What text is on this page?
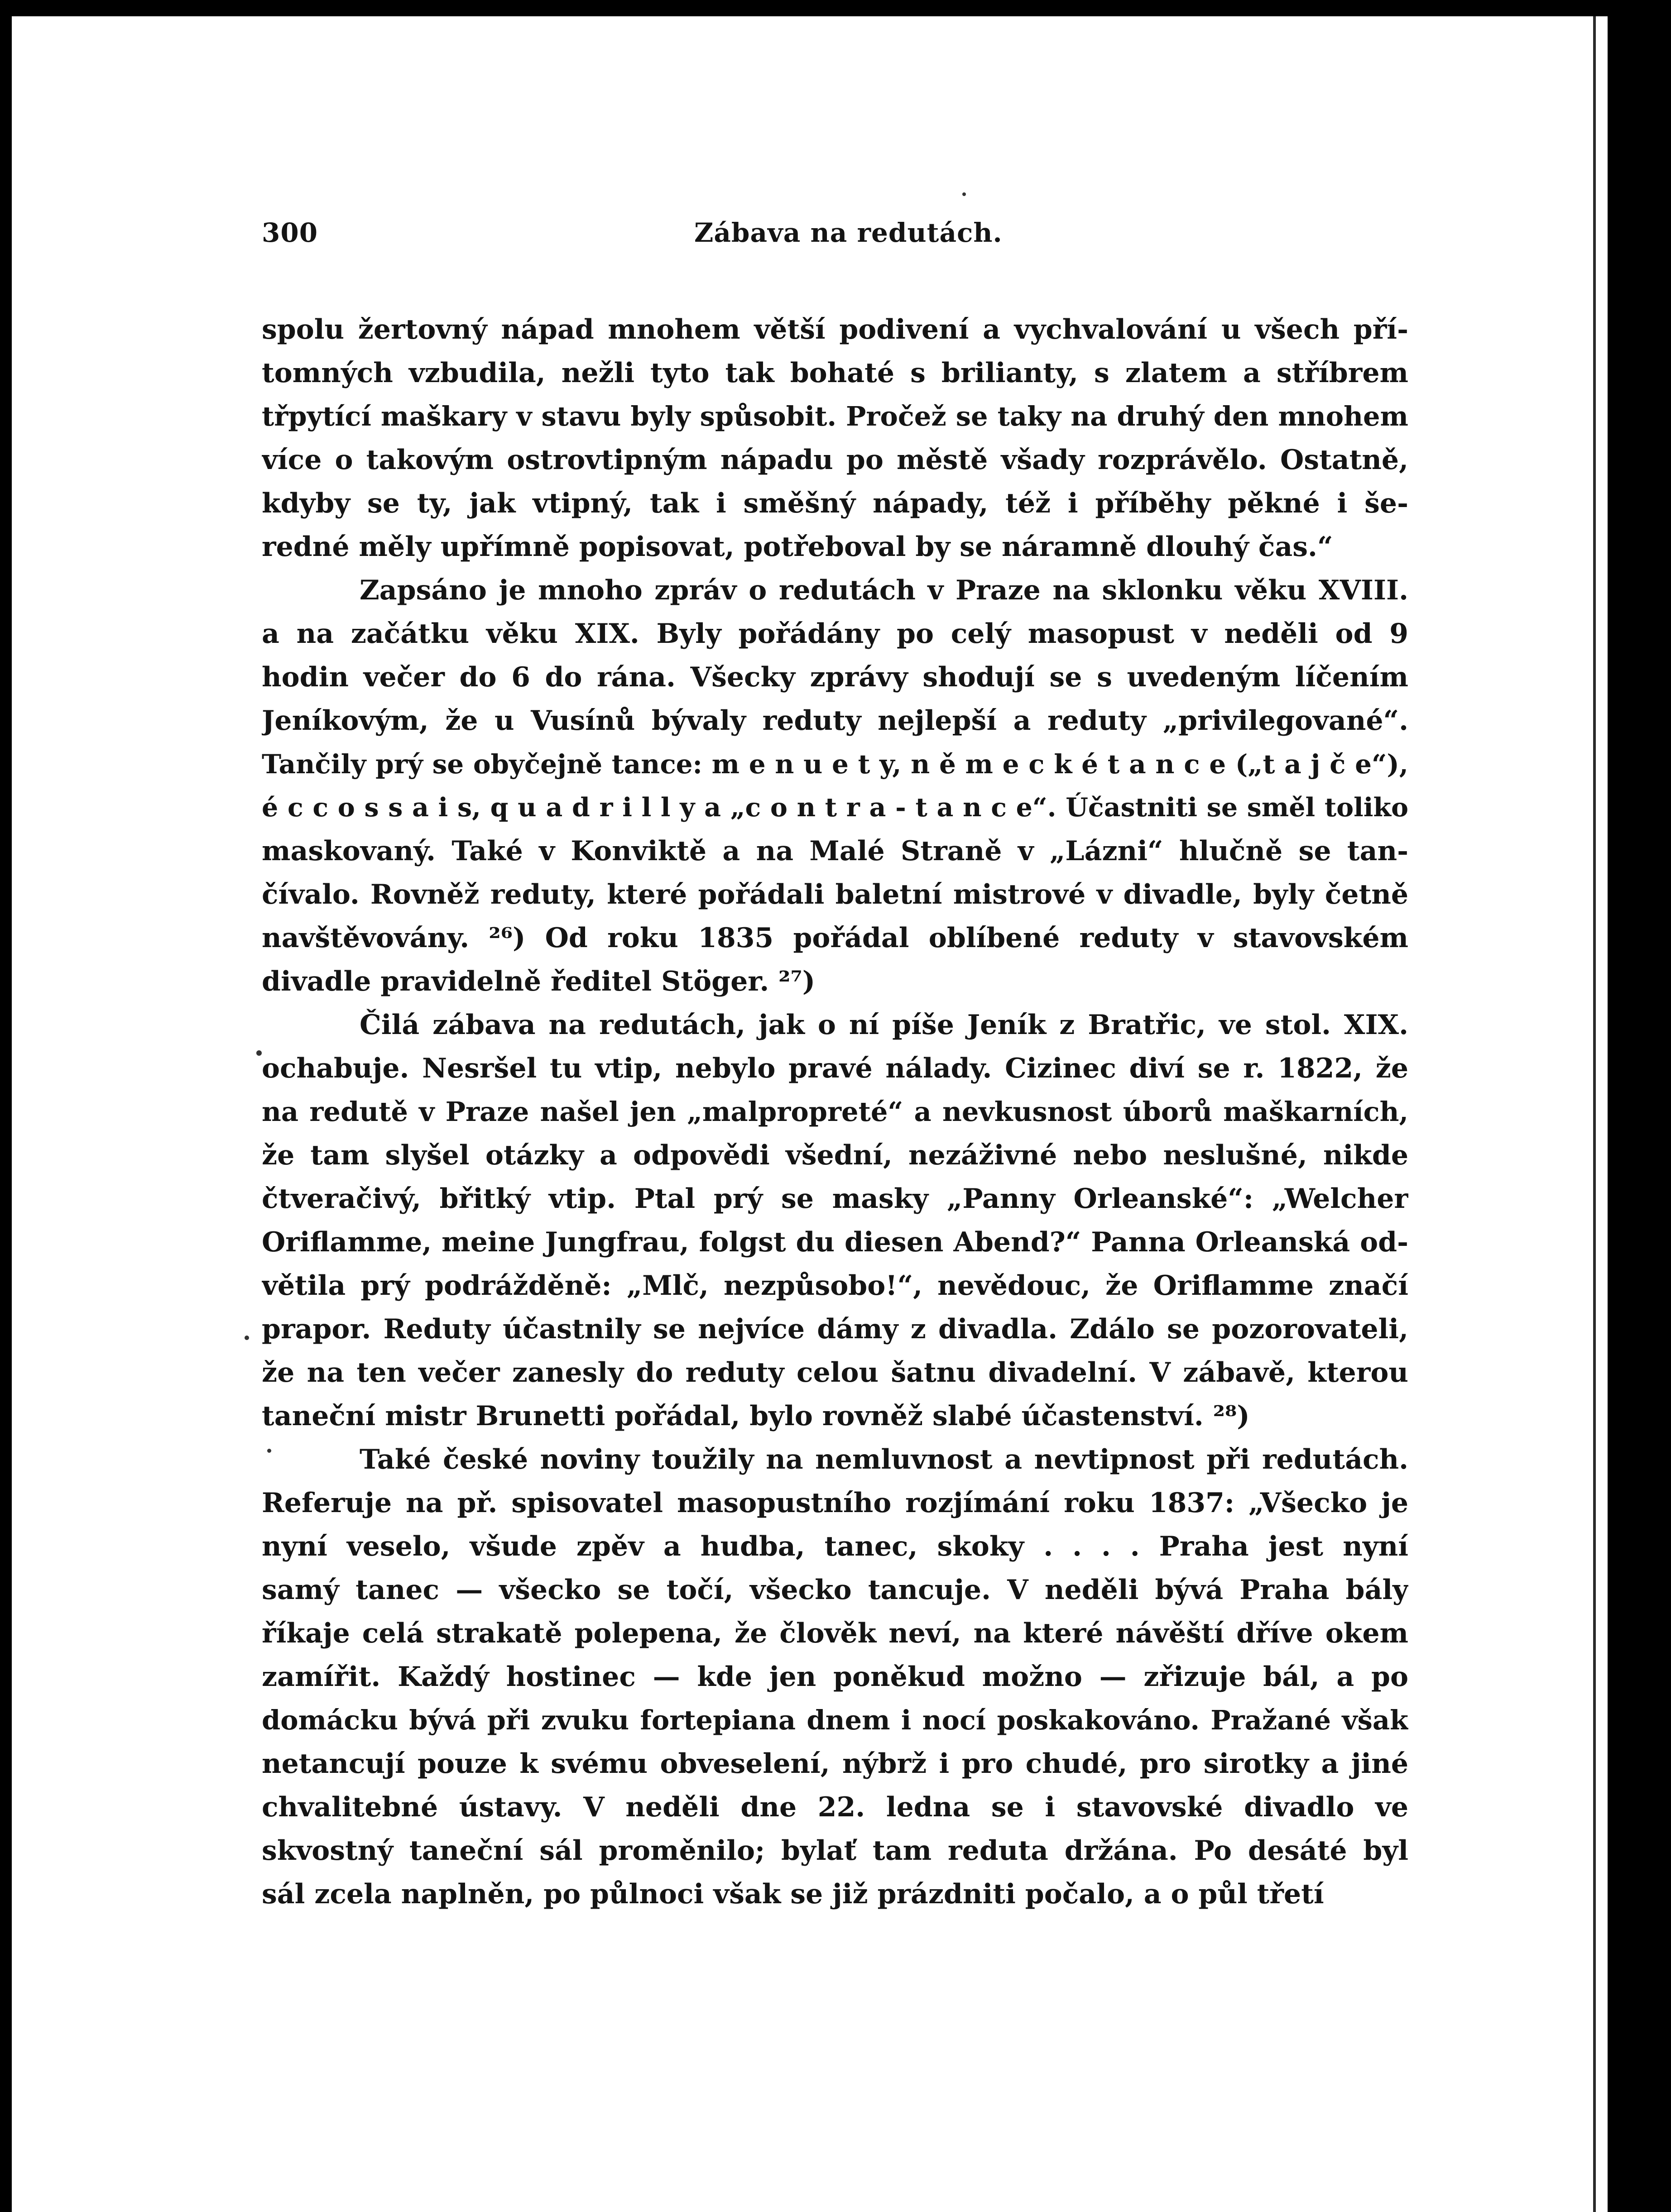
300	Zábava na redutách.
spolu žertovný nápad mnohem větší podivení a vychvalování u všech pří-
tomných vzbudila, nežli tyto tak bohaté s brilianty, s zlatem a stříbrem
třpytící maškary v stavu byly spůsobit. Pročež se taky na druhý den mnohem
více o takovým ostrovtipným nápadu po městě všady rozprávělo. Ostatně,
kdyby se ty, jak vtipný, tak i směšný nápady, též i příběhy pěkné i še-
redné měly upřímně popisovat, potřeboval by se náramně dlouhý čas.“
Zapsáno je mnoho zpráv o redutách v Praze na sklonku věku XVIII.
a na začátku věku XIX. Byly pořádány po celý masopust v neděli od 9
hodin večer do 6 do rána. Všecky zprávy shodují se s uvedeným líčením
Jeníkovým, že u Vusínů bývaly reduty nejlepší a reduty „privilegované“.
Tančily prý se obyčejně tance: m e n u e t y, n ě m e c k é t a n c e („t a j č e“),
é c c o s s a i s, q u a d r i l l y a „c o n t r a - t a n c e“. Účastniti se směl toliko
maskovaný. Také v Konviktě a na Malé Straně v „Lázni“ hlučně se tan-
čívalo. Rovněž reduty, které pořádali baletní mistrové v divadle, byly četně
navštěvovány. ²⁶) Od roku 1835 pořádal oblíbené reduty v stavovském
divadle pravidelně ředitel Stöger. ²⁷)
Čilá zábava na redutách, jak o ní píše Jeník z Bratřic, ve stol. XIX.
ochabuje. Nesršel tu vtip, nebylo pravé nálady. Cizinec diví se r. 1822, že
na redutě v Praze našel jen „malpropreté“ a nevkusnost úborů maškarních,
že tam slyšel otázky a odpovědi všední, nezáživné nebo neslušné, nikde
čtveračivý, břitký vtip. Ptal prý se masky „Panny Orleanské“: „Welcher
Oriflamme, meine Jungfrau, folgst du diesen Abend?“ Panna Orleanská od-
větila prý podrážděně: „Mlč, nezpůsobo!“, nevědouc, že Oriflamme značí
prapor. Reduty účastnily se nejvíce dámy z divadla. Zdálo se pozorovateli,
že na ten večer zanesly do reduty celou šatnu divadelní. V zábavě, kterou
taneční mistr Brunetti pořádal, bylo rovněž slabé účastenství. ²⁸)
Také české noviny toužily na nemluvnost a nevtipnost při redutách.
Referuje na př. spisovatel masopustního rozjímání roku 1837: „Všecko je
nyní veselo, všude zpěv a hudba, tanec, skoky . . . . Praha jest nyní
samý tanec — všecko se točí, všecko tancuje. V neděli bývá Praha bály
říkaje celá strakatě polepena, že člověk neví, na které návěští dříve okem
zamířit. Každý hostinec — kde jen poněkud možno — zřizuje bál, a po
domácku bývá při zvuku fortepiana dnem i nocí poskakováno. Pražané však
netancují pouze k svému obveselení, nýbrž i pro chudé, pro sirotky a jiné
chvalitebné ústavy. V neděli dne 22. ledna se i stavovské divadlo ve
skvostný taneční sál proměnilo; bylať tam reduta držána. Po desáté byl
sál zcela naplněn, po půlnoci však se již prázdniti počalo, a o půl třetí
